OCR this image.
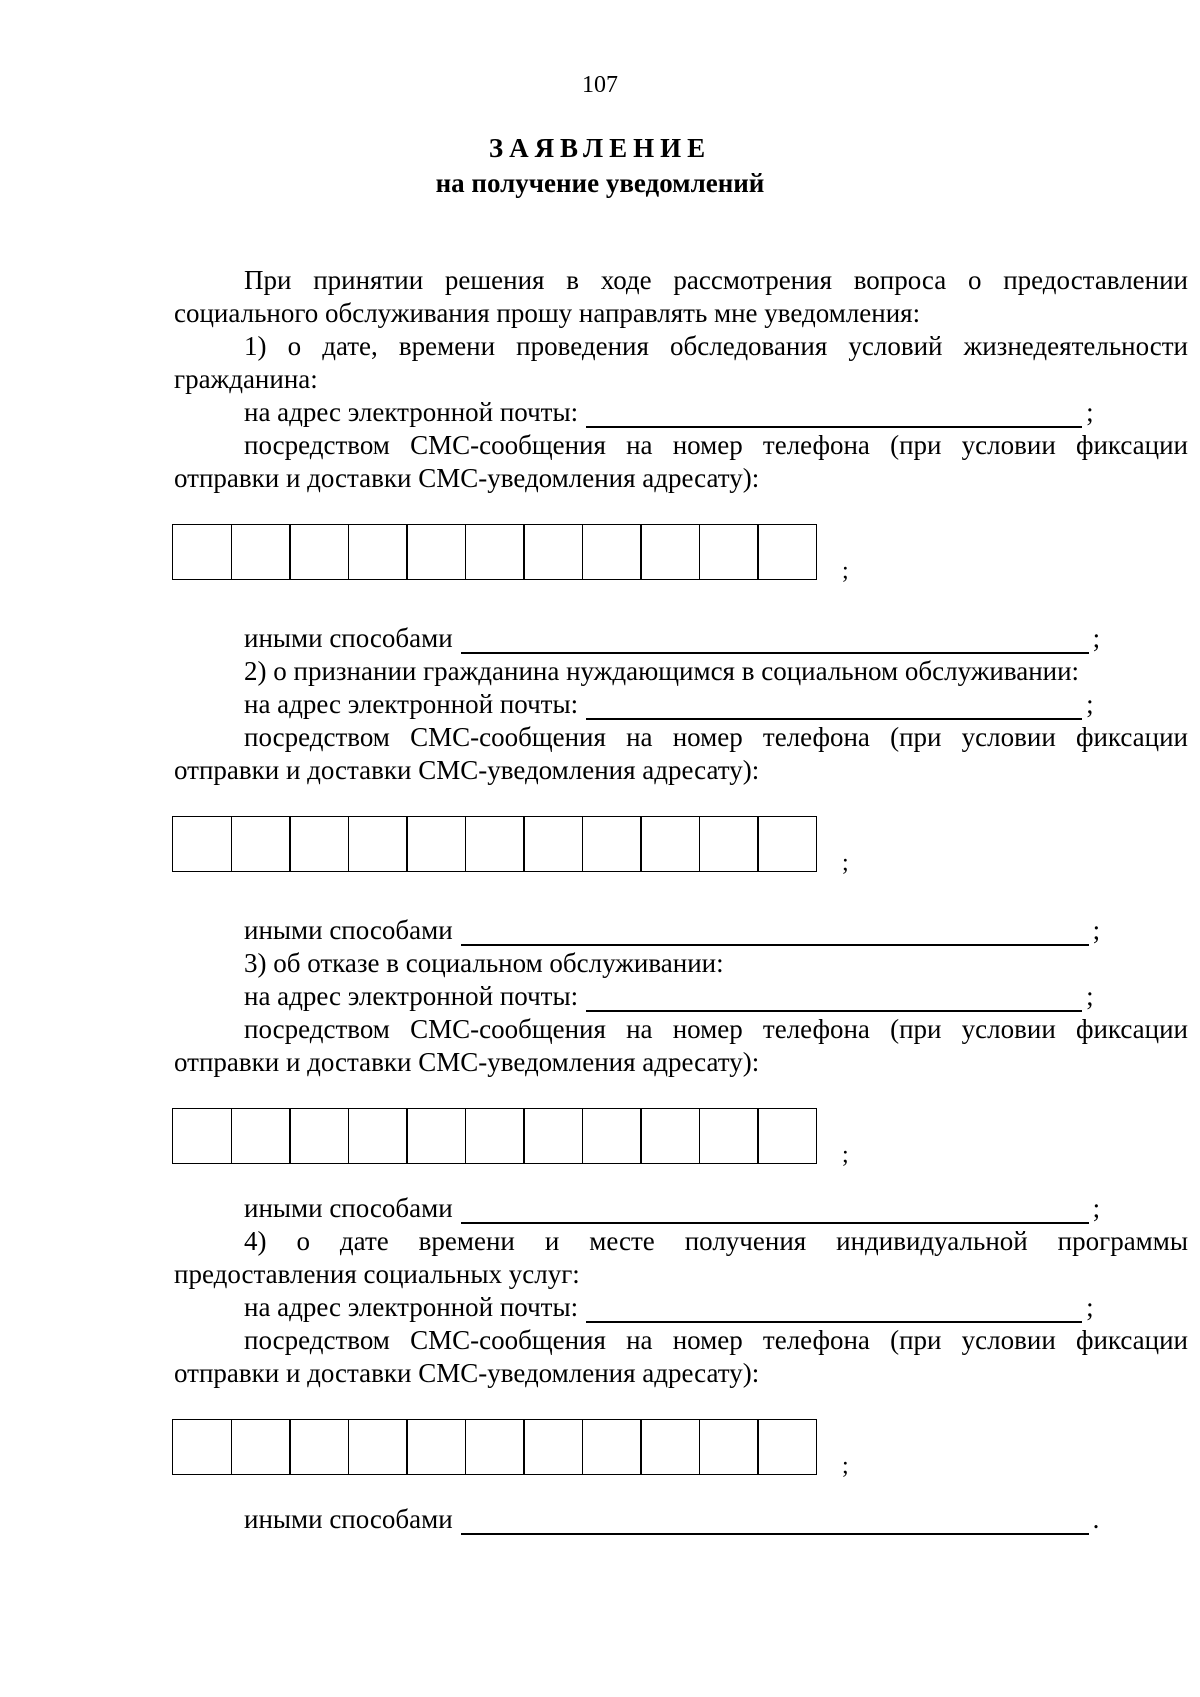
107
ЗАЯВЛЕНИЕ
на получение уведомлений
При принятии решения в ходе рассмотрения вопроса о предоставлении
социального обслуживания прошу направлять мне уведомления:
1) о дате, времени проведения обследования условий жизнедеятельности
гражданина:
на адрес электронной почты:	;
посредством СМС-сообщения на номер телефона (при условии фиксации
отправки и доставки СМС-уведомления адресату):
;
иными способами	;
2) о признании гражданина нуждающимся в социальном обслуживании:
на адрес электронной почты:	;
посредством СМС-сообщения на номер телефона (при условии фиксации
отправки и доставки СМС-уведомления адресату):
;
иными способами	;
3) об отказе в социальном обслуживании:
на адрес электронной почты:	;
посредством СМС-сообщения на номер телефона (при условии фиксации
отправки и доставки СМС-уведомления адресату):
;
иными способами	;
4) о дате времени и месте получения индивидуальной программы
предоставления социальных услуг:
на адрес электронной почты:	;
посредством СМС-сообщения на номер телефона (при условии фиксации
отправки и доставки СМС-уведомления адресату):
;
иными способами	.
